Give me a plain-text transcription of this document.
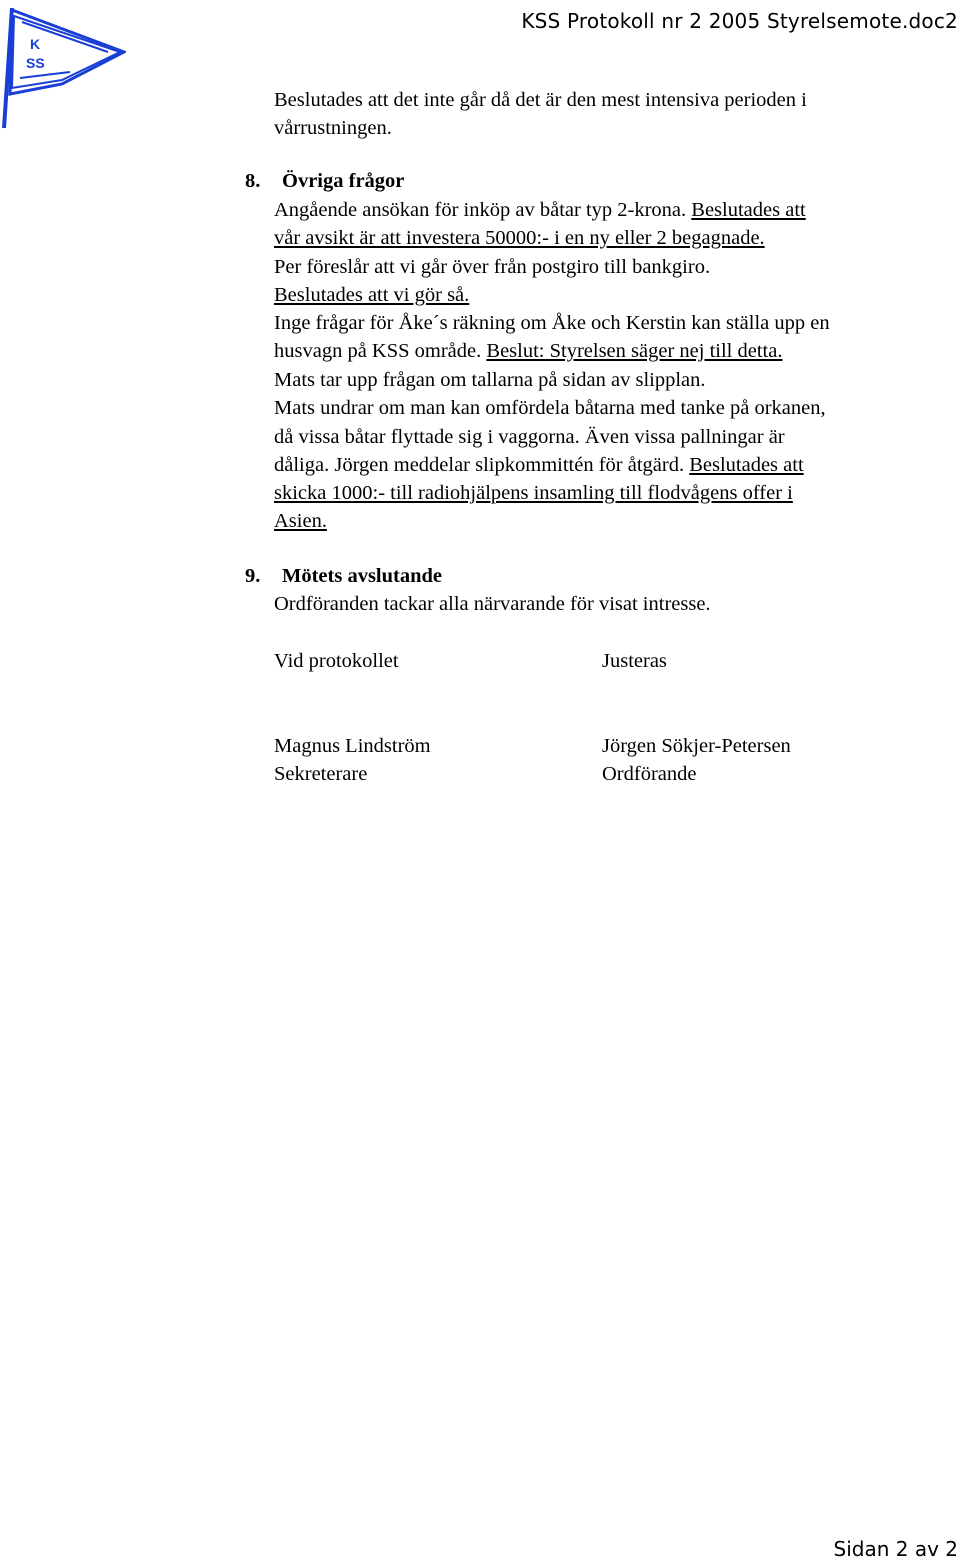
K
SS
KSS Protokoll nr 2 2005 Styrelsemote.doc2

Beslutades att det inte går då det är den mest intensiva perioden i

vårrustningen.

8. Övriga frågor

Angående ansökan för inköp av båtar typ 2-krona. Beslutades att

vår avsikt är att investera 50000:- i en ny eller 2 begagnade.

Per föreslår att vi går över från postgiro till bankgiro.

Beslutades att vi gör så.

Inge frågar för Åke´s räkning om Åke och Kerstin kan ställa upp en

husvagn på KSS område. Beslut: Styrelsen säger nej till detta.

Mats tar upp frågan om tallarna på sidan av slipplan.

Mats undrar om man kan omfördela båtarna med tanke på orkanen,

då vissa båtar flyttade sig i vaggorna. Även vissa pallningar är

dåliga. Jörgen meddelar slipkommittén för åtgärd. Beslutades att

skicka 1000:- till radiohjälpens insamling till flodvågens offer i

Asien.

9. Mötets avslutande

Ordföranden tackar alla närvarande för visat intresse.

Vid protokollet	Justeras

Magnus Lindström	Jörgen Sökjer-Petersen

Sekreterare	Ordförande

Sidan 2 av 2
